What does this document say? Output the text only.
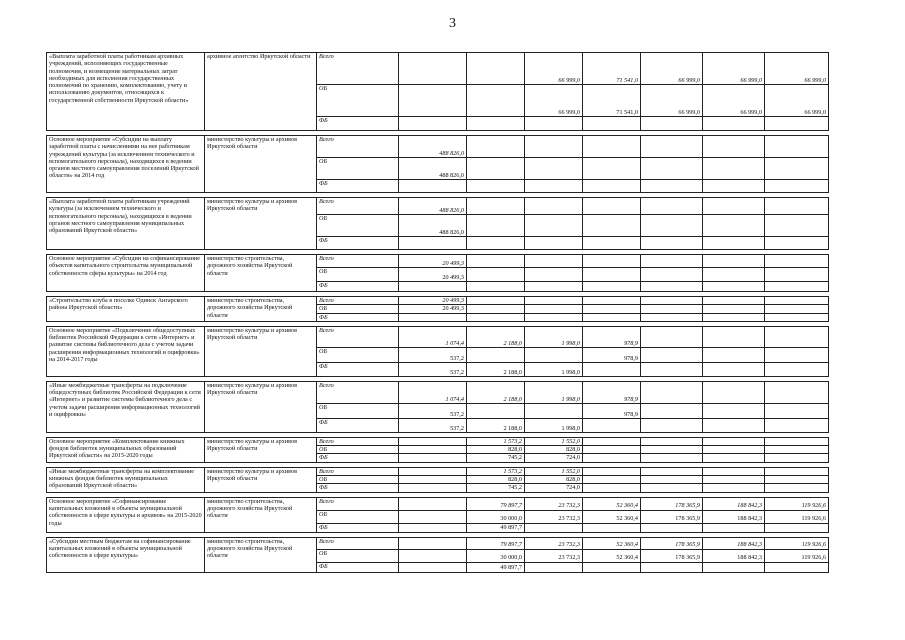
3
«Выплата заработной платы работникам архивных учреждений, исполняющих государственные полномочия, и возмещение материальных затрат необходимых для исполнения государственных полномочий по хранению, комплектованию, учету и использованию документов, относящихся к государственной собственности Иркутской области»	архивное агентство Иркутской области	Всего			66 999,0	71 541,0	66 999,0	66 999,0	66 999,0
		ОБ			66 999,0	71 541,0	66 999,0	66 999,0	66 999,0
		ФБ							

Основное мероприятие «Субсидии на выплату заработной платы с начислениями на нее работникам учреждений культуры (за исключением технического и вспомогательного персонала), находящихся в ведении органов местного самоуправления поселений Иркутской области» на 2014 год	министерство культуры и архивов Иркутской области	Всего	488 826,0						
		ОБ	488 826,0						
		ФБ							

«Выплата заработной платы работникам учреждений культуры (за исключением технического и вспомогательного персонала), находящихся в ведении органов местного самоуправления муниципальных образований Иркутской области»	министерство культуры и архивов Иркутской области	Всего	488 826,0						
		ОБ	488 826,0						
		ФБ							

Основное мероприятие «Субсидии на софинансирование объектов капитального строительства муниципальной собственности сферы культуры» на 2014 год	министерство строительства, дорожного хозяйства Иркутской области	Всего	20 499,3						
		ОБ	20 499,3						
		ФБ							

«Строительство клуба в поселке Одинск Ангарского района Иркутской области»	министерство строительства, дорожного хозяйства Иркутской области	Всего	20 499,3						
		ОБ	20 499,3						
		ФБ							

Основное мероприятие «Подключение общедоступных библиотек Российской Федерации к сети «Интернет» и развитие системы библиотечного дела с учетом задачи расширения информационных технологий и оцифровки» на 2014-2017 годы	министерство культуры и архивов Иркутской области	Всего	1 074,4	2 188,0	1 998,0	978,9			
		ОБ	537,2			978,9			
		ФБ	537,2	2 188,0	1 998,0				

«Иные межбюджетные трансферты на подключение общедоступных библиотек Российской Федерации к сети «Интернет» и развитие системы библиотечного дела с учетом задачи расширения информационных технологий и оцифровки»	министерство культуры и архивов Иркутской области	Всего	1 074,4	2 188,0	1 998,0	978,9			
		ОБ	537,2			978,9			
		ФБ	537,2	2 188,0	1 998,0				

Основное мероприятие «Комплектование книжных фондов библиотек муниципальных образований Иркутской области» на 2015-2020 годы	министерство культуры и архивов Иркутской области	Всего		1 573,2	1 552,0				
		ОБ		828,0	828,0				
		ФБ		745,2	724,0				

«Иные межбюджетные трансферты на комплектование книжных фондов библиотек муниципальных образований Иркутской области»	министерство культуры и архивов Иркутской области	Всего		1 573,2	1 552,0				
		ОБ		828,0	828,0				
		ФБ		745,2	724,0				

Основное мероприятие «Софинансирование капитальных вложений в объекты муниципальной собственности в сфере культуры и архивов» на 2015-2020 годы	министерство строительства, дорожного хозяйства Иркутской области	Всего		79 897,7	23 732,3	52 360,4	178 365,9	188 842,3	119 926,6
		ОБ		30 000,0	23 732,3	52 360,4	178 365,9	188 842,3	119 926,6
		ФБ		49 897,7					

«Субсидии местным бюджетам на софинансирование капитальных вложений в объекты муниципальной собственности в сфере культуры»	министерство строительства, дорожного хозяйства Иркутской области	Всего		79 897,7	23 732,3	52 360,4	178 365,9	188 842,3	119 926,6
		ОБ		30 000,0	23 732,3	52 360,4	178 365,9	188 842,3	119 926,6
		ФБ		49 897,7					
